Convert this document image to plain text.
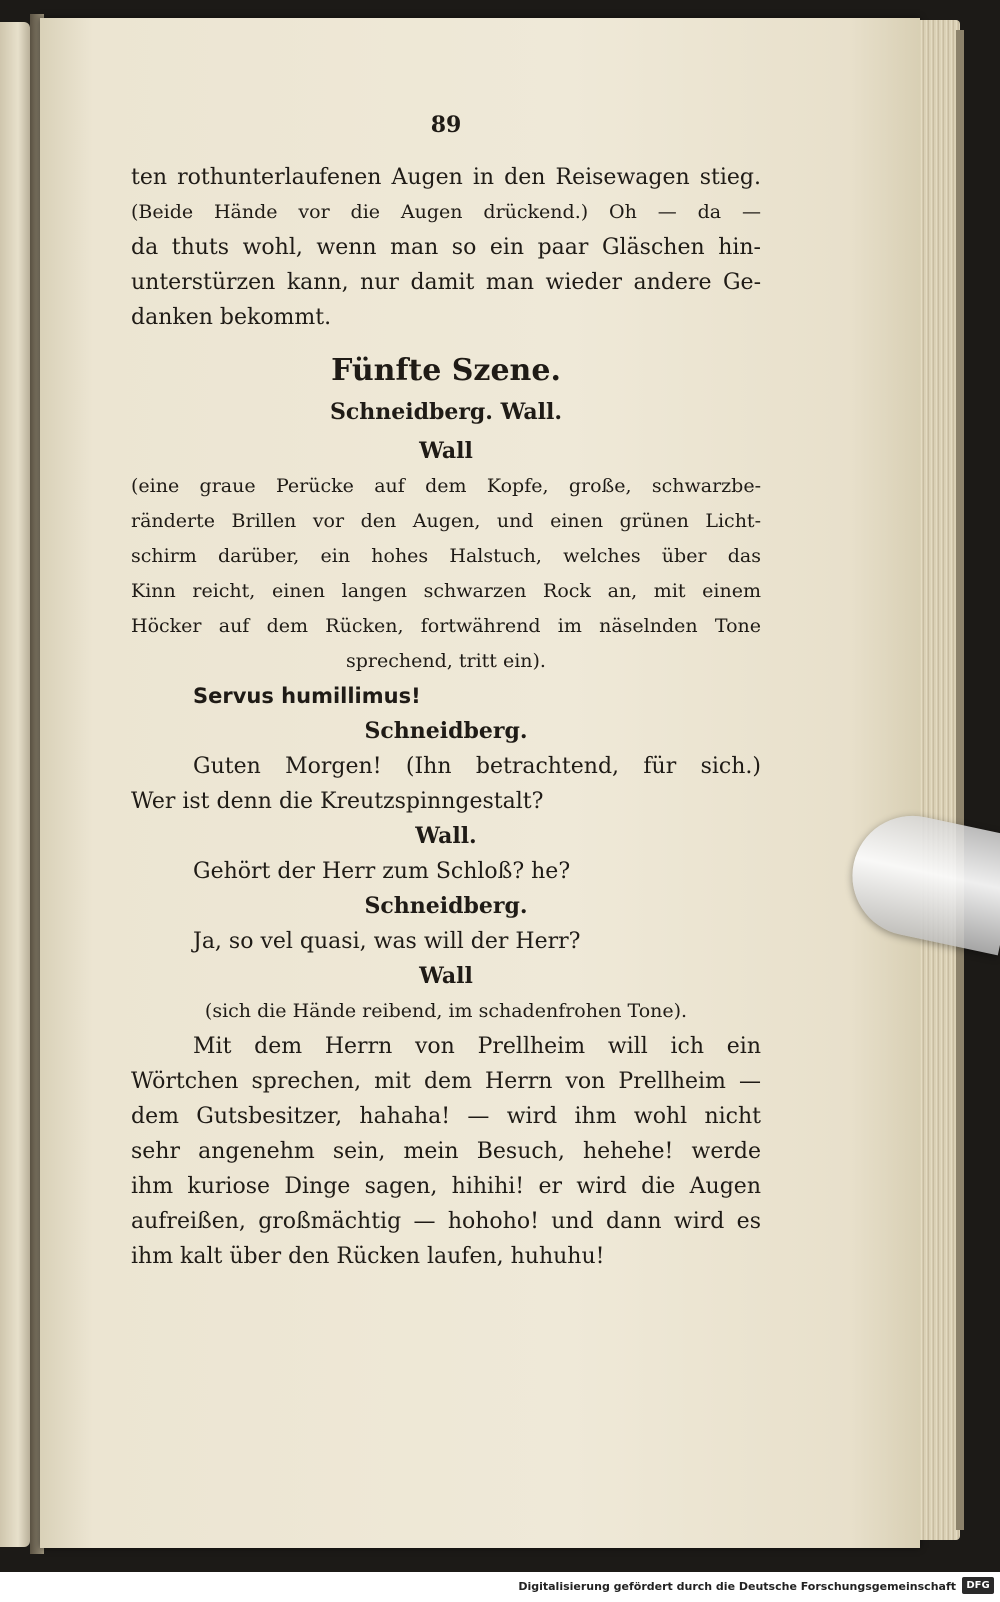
89
ten rothunterlaufenen Augen in den Reisewagen stieg.
(Beide Hände vor die Augen drückend.) Oh — da —
da thuts wohl, wenn man so ein paar Gläschen hin-
unterstürzen kann, nur damit man wieder andere Ge-
danken bekommt.
Fünfte Szene.
Schneidberg. Wall.
Wall
(eine graue Perücke auf dem Kopfe, große, schwarzbe-
ränderte Brillen vor den Augen, und einen grünen Licht-
schirm darüber, ein hohes Halstuch, welches über das
Kinn reicht, einen langen schwarzen Rock an, mit einem
Höcker auf dem Rücken, fortwährend im näselnden Tone
sprechend, tritt ein).
Servus humillimus!
Schneidberg.
Guten Morgen! (Ihn betrachtend, für sich.)
Wer ist denn die Kreutzspinngestalt?
Wall.
Gehört der Herr zum Schloß? he?
Schneidberg.
Ja, so vel quasi, was will der Herr?
Wall
(sich die Hände reibend, im schadenfrohen Tone).
Mit dem Herrn von Prellheim will ich ein
Wörtchen sprechen, mit dem Herrn von Prellheim —
dem Gutsbesitzer, hahaha! — wird ihm wohl nicht
sehr angenehm sein, mein Besuch, hehehe! werde
ihm kuriose Dinge sagen, hihihi! er wird die Augen
aufreißen, großmächtig — hohoho! und dann wird es
ihm kalt über den Rücken laufen, huhuhu!
Digitalisierung gefördert durch die Deutsche Forschungsgemeinschaft	DFG
